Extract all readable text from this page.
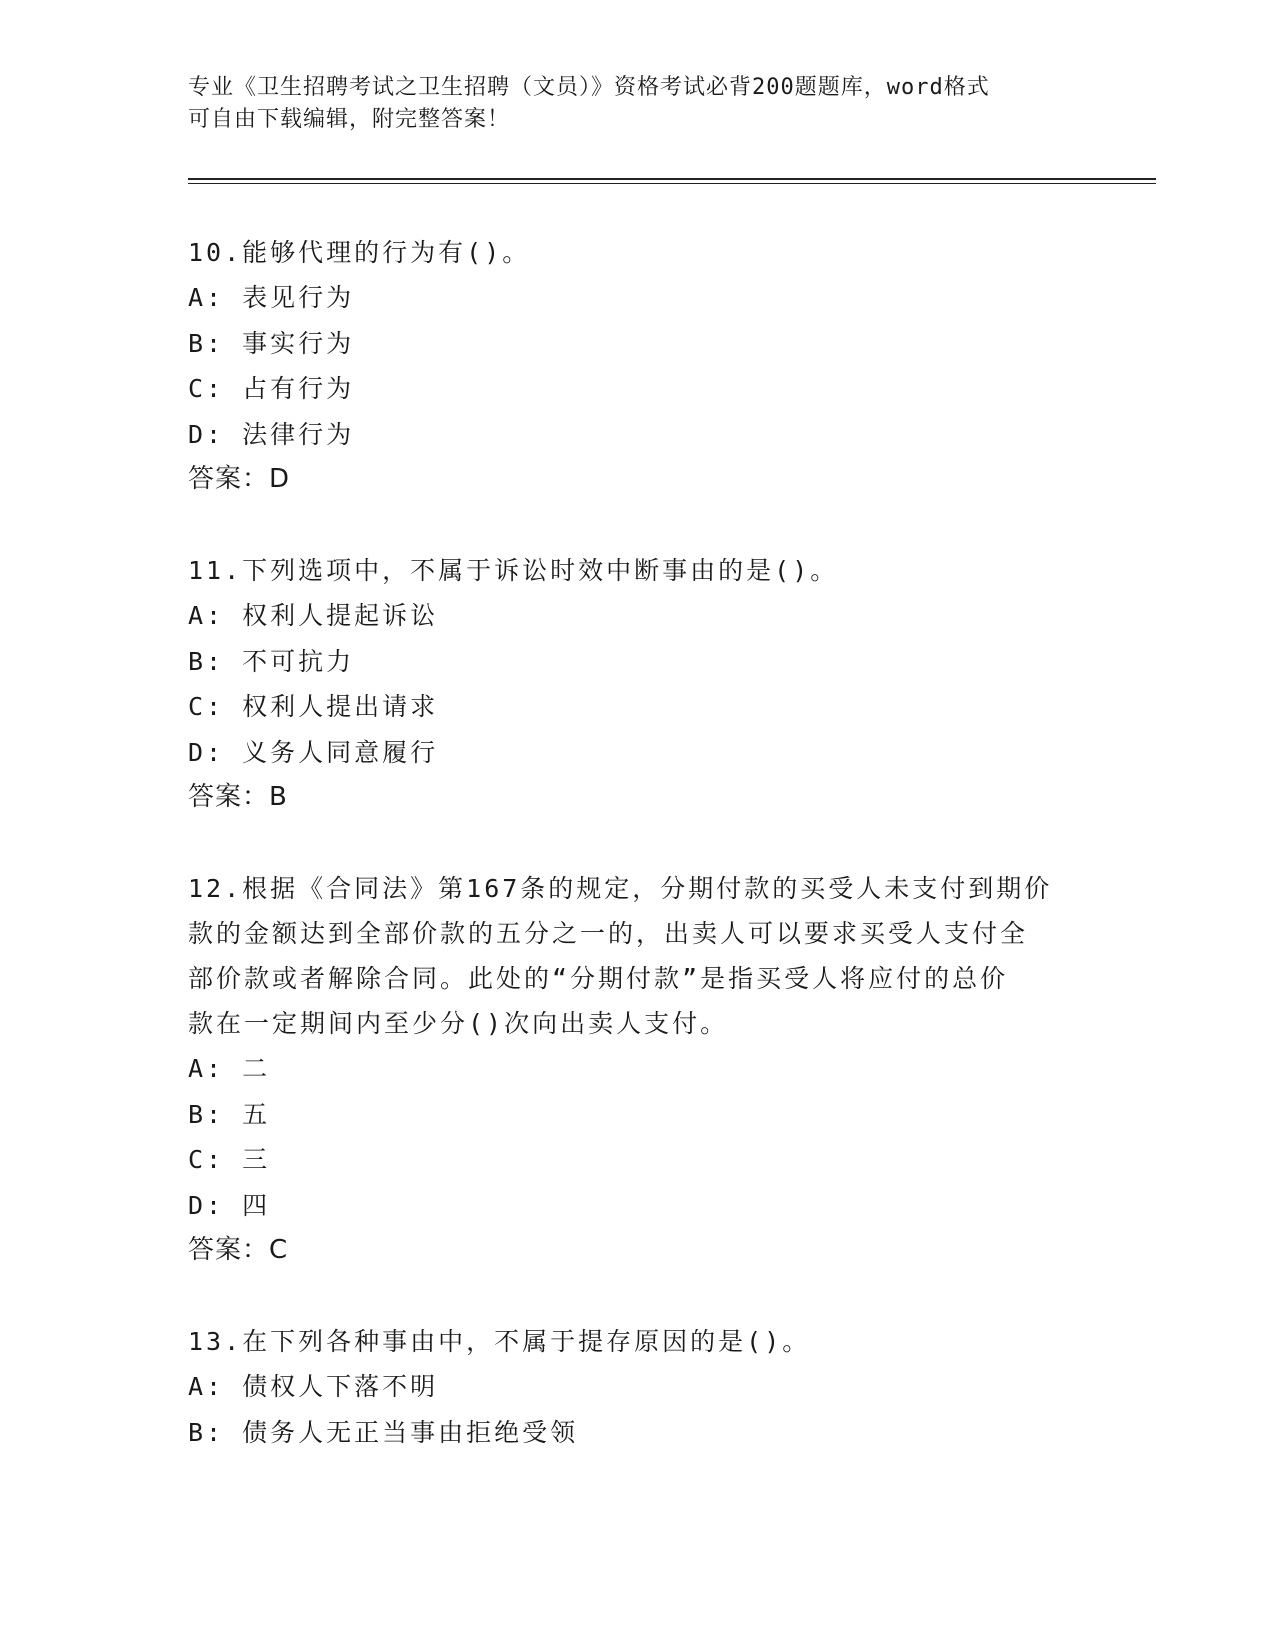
专业《卫生招聘考试之卫生招聘（文员）》资格考试必背200题题库，word格式
可自由下载编辑，附完整答案！

10.能够代理的行为有()。

A: 表见行为

B: 事实行为

C: 占有行为

D: 法律行为

答案：D

11.下列选项中，不属于诉讼时效中断事由的是()。

A: 权利人提起诉讼

B: 不可抗力

C: 权利人提出请求

D: 义务人同意履行

答案：B

12.根据《合同法》第167条的规定，分期付款的买受人未支付到期价

款的金额达到全部价款的五分之一的，出卖人可以要求买受人支付全

部价款或者解除合同。此处的“分期付款”是指买受人将应付的总价

款在一定期间内至少分()次向出卖人支付。

A: 二

B: 五

C: 三

D: 四

答案：C

13.在下列各种事由中，不属于提存原因的是()。

A: 债权人下落不明

B: 债务人无正当事由拒绝受领
